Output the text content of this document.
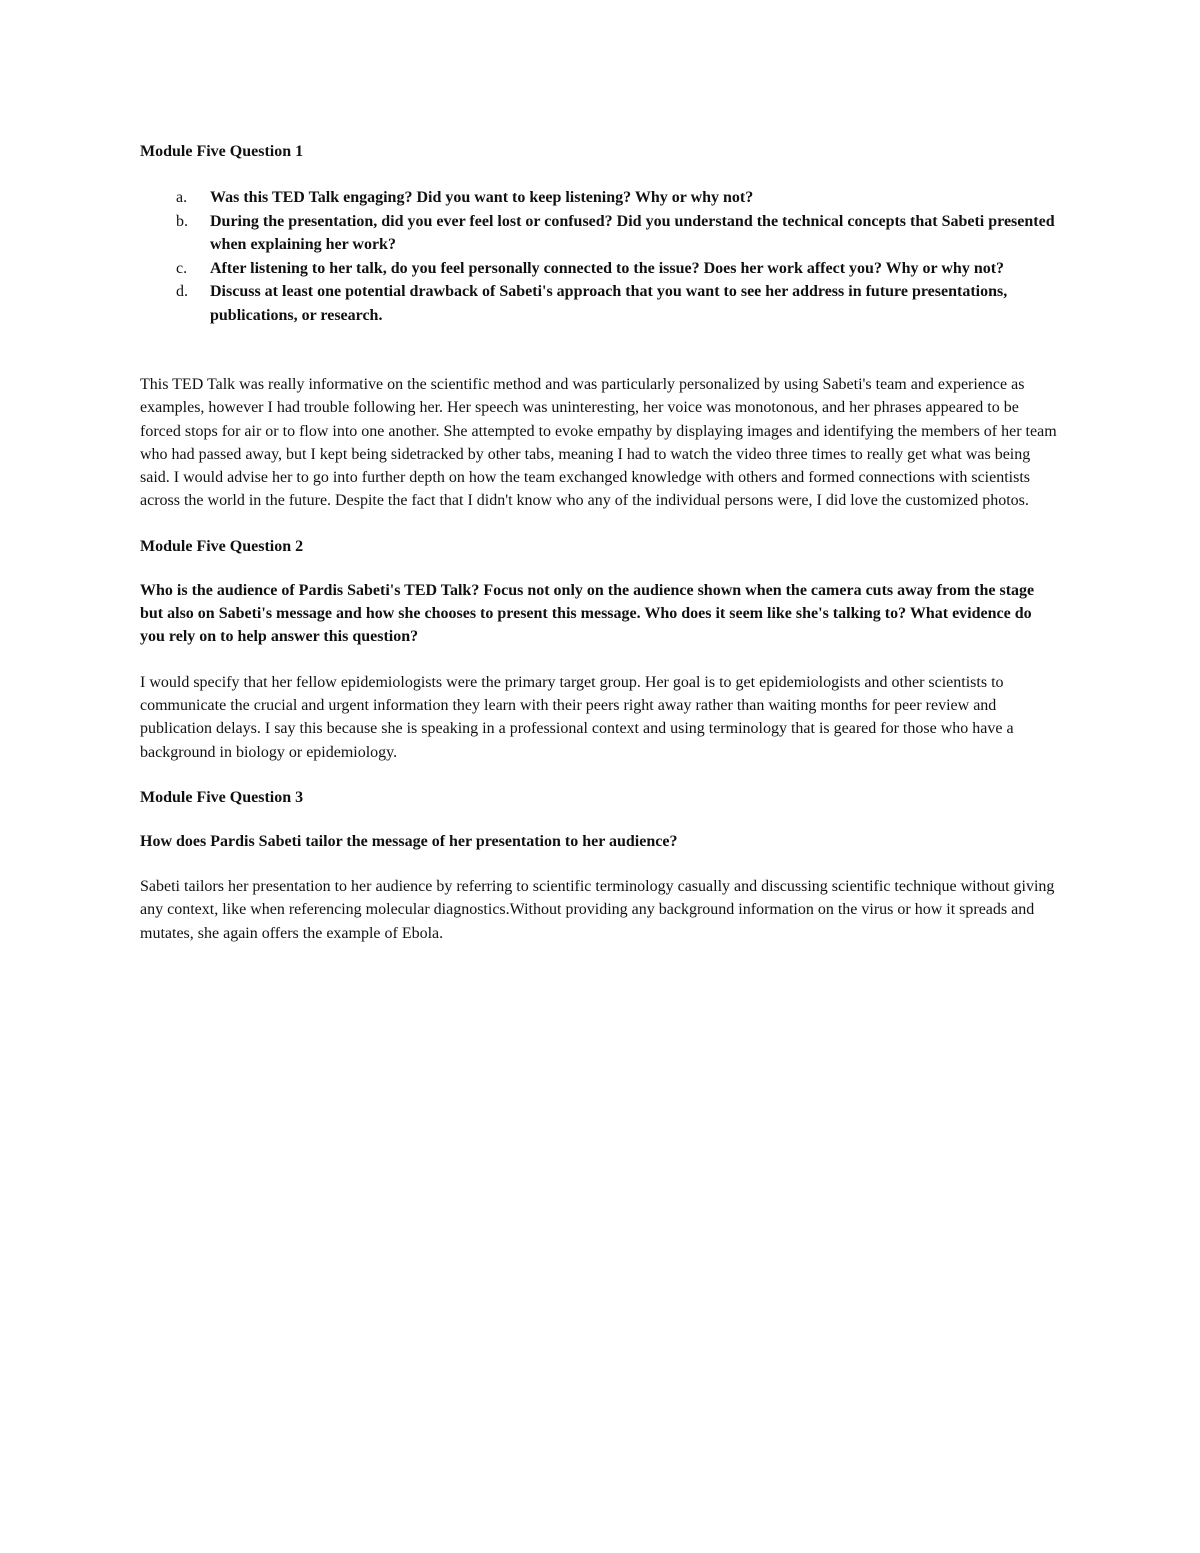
Module Five Question 1

a.	Was this TED Talk engaging? Did you want to keep listening? Why or why not?
b.	During the presentation, did you ever feel lost or confused? Did you understand the technical concepts that Sabeti presented when explaining her work?
c.	After listening to her talk, do you feel personally connected to the issue? Does her work affect you? Why or why not?
d.	Discuss at least one potential drawback of Sabeti's approach that you want to see her address in future presentations, publications, or research.

This TED Talk was really informative on the scientific method and was particularly personalized by using Sabeti's team and experience as examples, however I had trouble following her. Her speech was uninteresting, her voice was monotonous, and her phrases appeared to be forced stops for air or to flow into one another. She attempted to evoke empathy by displaying images and identifying the members of her team who had passed away, but I kept being sidetracked by other tabs, meaning I had to watch the video three times to really get what was being said. I would advise her to go into further depth on how the team exchanged knowledge with others and formed connections with scientists across the world in the future. Despite the fact that I didn't know who any of the individual persons were, I did love the customized photos.

Module Five Question 2

Who is the audience of Pardis Sabeti's TED Talk? Focus not only on the audience shown when the camera cuts away from the stage but also on Sabeti's message and how she chooses to present this message. Who does it seem like she's talking to? What evidence do you rely on to help answer this question?

I would specify that her fellow epidemiologists were the primary target group. Her goal is to get epidemiologists and other scientists to communicate the crucial and urgent information they learn with their peers right away rather than waiting months for peer review and publication delays. I say this because she is speaking in a professional context and using terminology that is geared for those who have a background in biology or epidemiology.

Module Five Question 3

How does Pardis Sabeti tailor the message of her presentation to her audience?

Sabeti tailors her presentation to her audience by referring to scientific terminology casually and discussing scientific technique without giving any context, like when referencing molecular diagnostics.Without providing any background information on the virus or how it spreads and mutates, she again offers the example of Ebola.
